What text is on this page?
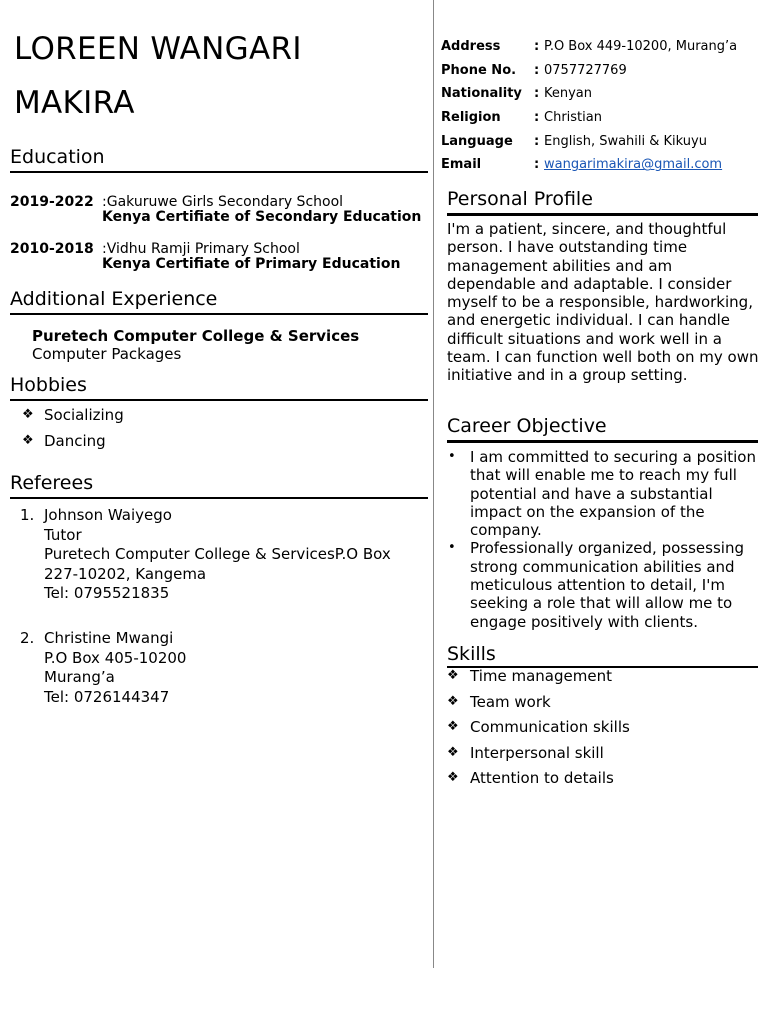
LOREEN WANGARI
MAKIRA
Education
2019-2022 :Gakuruwe Girls Secondary School
Kenya Certifiate of Secondary Education
2010-2018 :Vidhu Ramji Primary School
Kenya Certifiate of Primary Education
Additional Experience
Puretech Computer College & Services
Computer Packages
Hobbies
❖ Socializing
❖ Dancing
Referees
1. Johnson Waiyego
Tutor
Puretech Computer College & ServicesP.O Box
227-10202, Kangema
Tel: 0795521835
2. Christine Mwangi
P.O Box 405-10200
Murang’a
Tel: 0726144347
Address	: P.O Box 449-10200, Murang’a
Phone No. : 0757727769
Nationality : Kenyan
Religion	: Christian
Language : English, Swahili & Kikuyu
Email	: wangarimakira@gmail.com
Personal Profile
I'm a patient, sincere, and thoughtful person. I have outstanding time management abilities and am dependable and adaptable. I consider myself to be a responsible, hardworking, and energetic individual. I can handle difficult situations and work well in a team. I can function well both on my own initiative and in a group setting.
Career Objective
• I am committed to securing a position that will enable me to reach my full potential and have a substantial impact on the expansion of the company.
• Professionally organized, possessing strong communication abilities and meticulous attention to detail, I'm seeking a role that will allow me to engage positively with clients.
Skills
❖ Time management
❖ Team work
❖ Communication skills
❖ Interpersonal skill
❖ Attention to details
